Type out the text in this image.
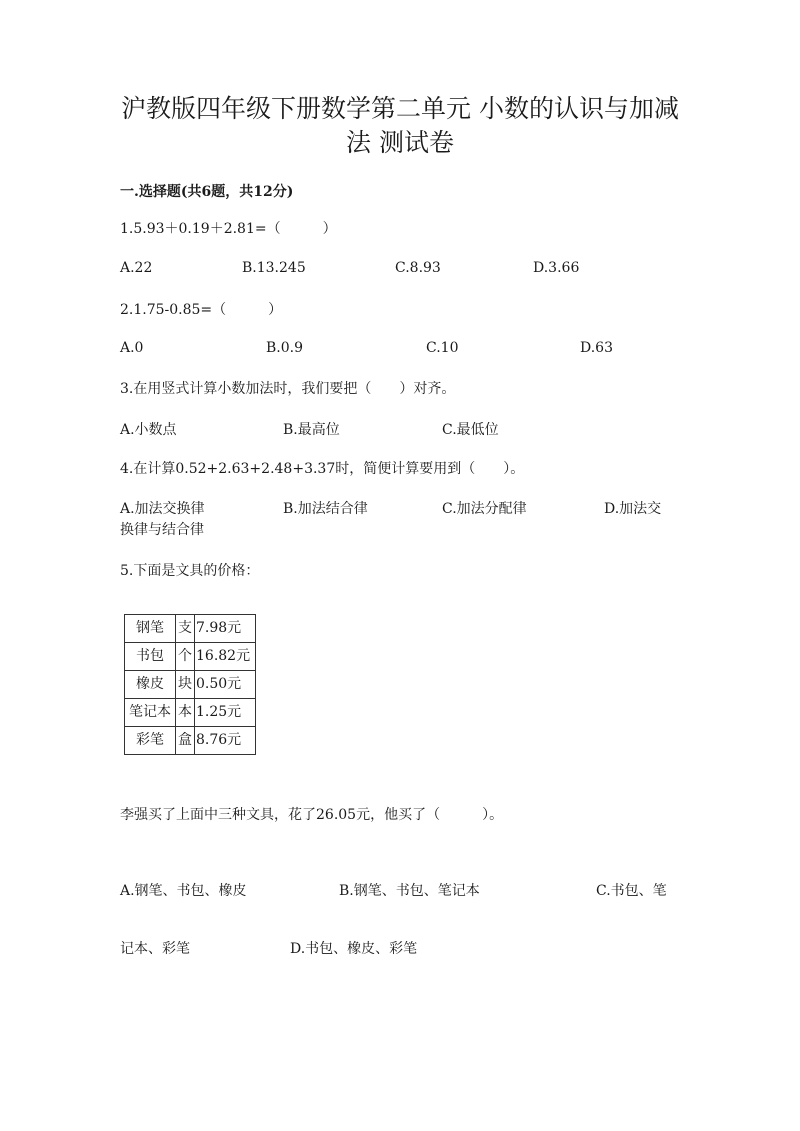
沪教版四年级下册数学第二单元 小数的认识与加减
法 测试卷
一.选择题(共6题，共12分)
1.5.93＋0.19＋2.81=（　　　）
A.22	B.13.245	C.8.93	D.3.66
2.1.75-0.85=（　　　）
A.0	B.0.9	C.10	D.63
3.在用竖式计算小数加法时，我们要把（　　）对齐。
A.小数点	B.最高位	C.最低位
4.在计算0.52+2.63+2.48+3.37时，简便计算要用到（　　）。
A.加法交换律	B.加法结合律	C.加法分配律	D.加法交
换律与结合律
5.下面是文具的价格：
钢笔	支	7.98元
书包	个	16.82元
橡皮	块	0.50元
笔记本	本	1.25元
彩笔	盒	8.76元
李强买了上面中三种文具，花了26.05元，他买了（　　　）。
A.钢笔、书包、橡皮	B.钢笔、书包、笔记本	C.书包、笔
记本、彩笔	D.书包、橡皮、彩笔
